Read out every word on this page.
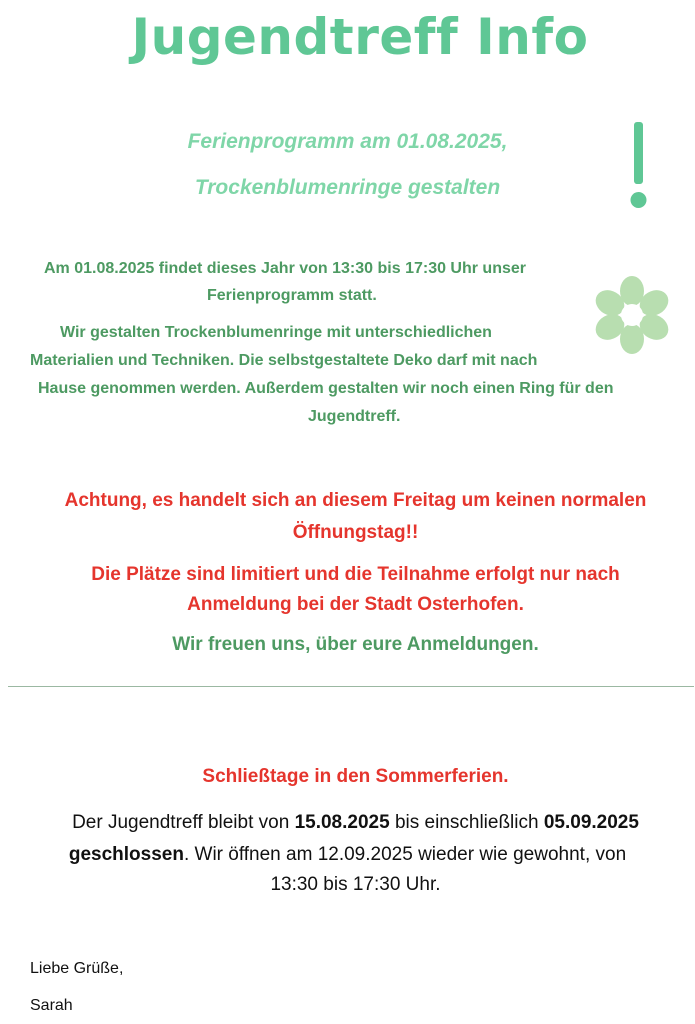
Jugendtreff Info
Ferienprogramm am 01.08.2025,
Trockenblumenringe gestalten
Am 01.08.2025 findet dieses Jahr von 13:30 bis 17:30 Uhr unser
Ferienprogramm statt.
Wir gestalten Trockenblumenringe mit unterschiedlichen
Materialien und Techniken. Die selbstgestaltete Deko darf mit nach
Hause genommen werden. Außerdem gestalten wir noch einen Ring für den
Jugendtreff.
Achtung, es handelt sich an diesem Freitag um keinen normalen
Öffnungstag!!
Die Plätze sind limitiert und die Teilnahme erfolgt nur nach
Anmeldung bei der Stadt Osterhofen.
Wir freuen uns, über eure Anmeldungen.
Schließtage in den Sommerferien.
Der Jugendtreff bleibt von 15.08.2025 bis einschließlich 05.09.2025
geschlossen. Wir öffnen am 12.09.2025 wieder wie gewohnt, von
13:30 bis 17:30 Uhr.
Liebe Grüße,
Sarah
